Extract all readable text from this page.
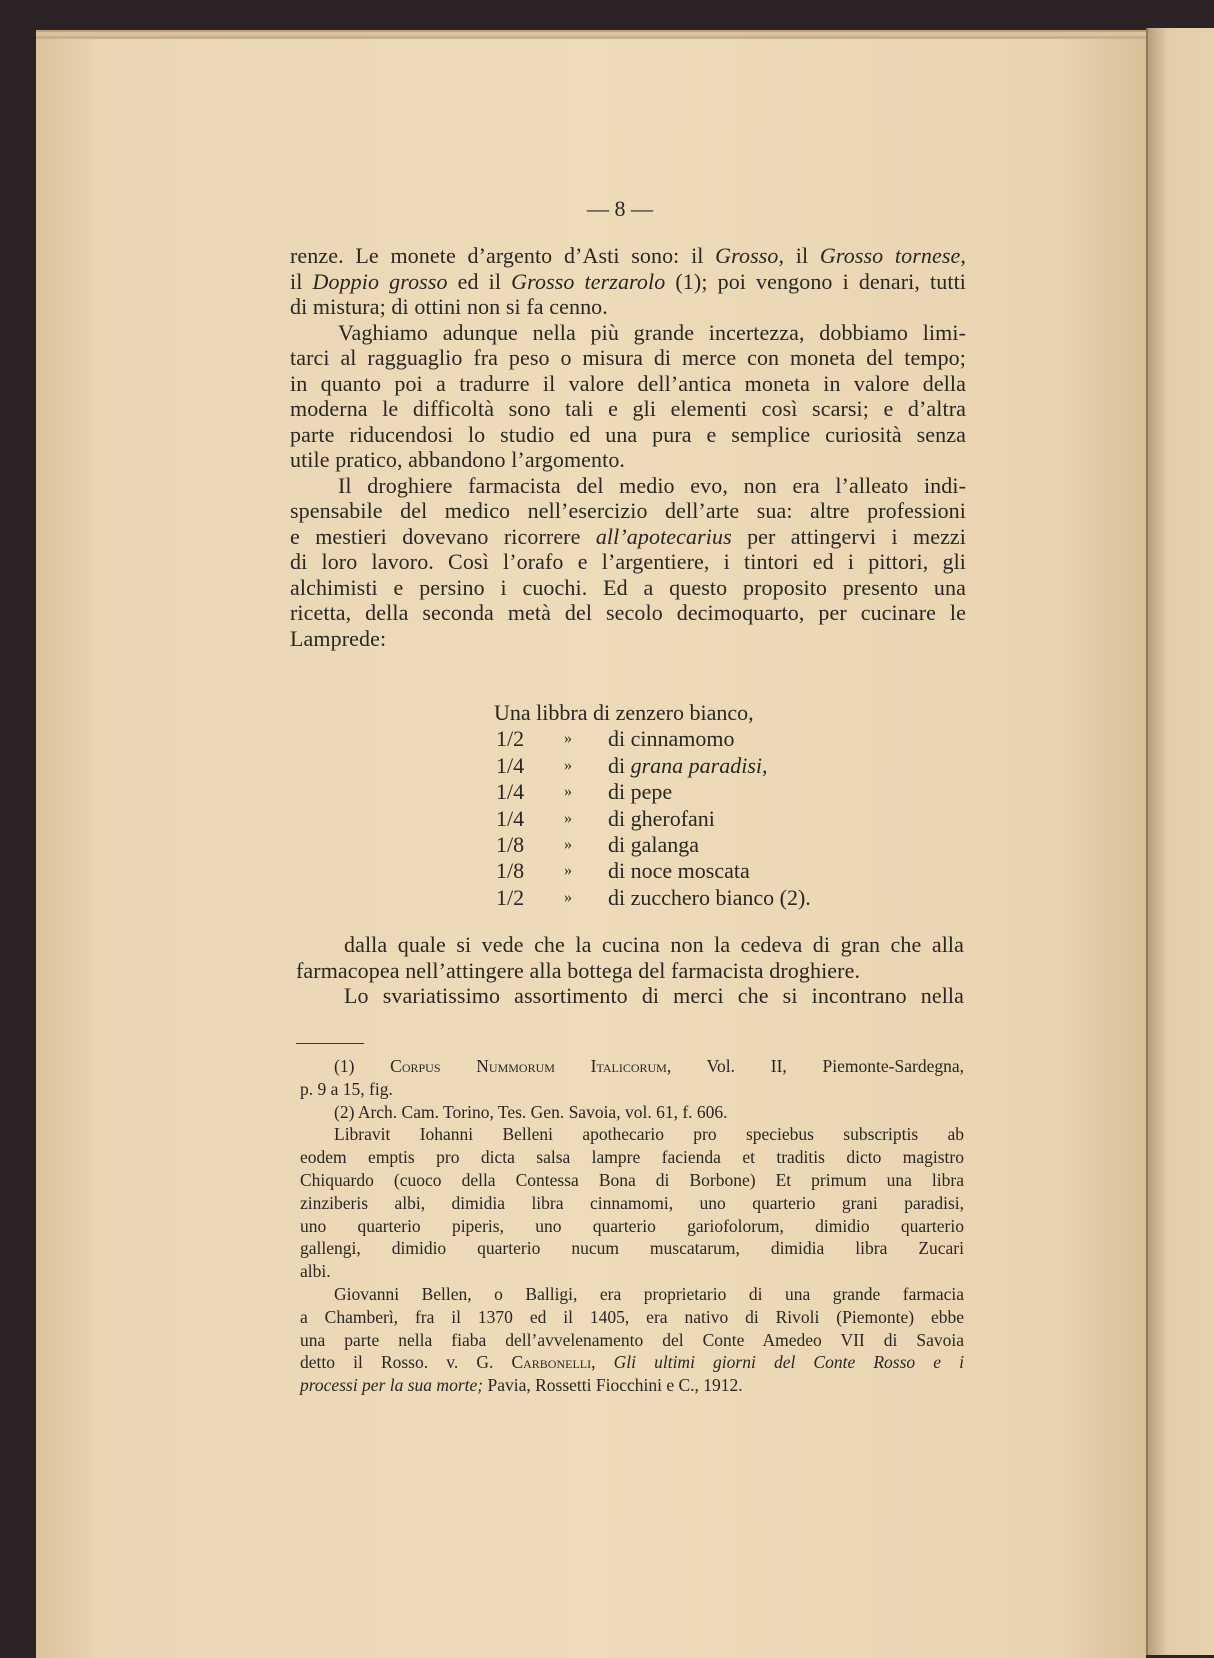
— 8 —
renze. Le monete d’argento d’Asti sono: il Grosso, il Grosso tornese,
il Doppio grosso ed il Grosso terzarolo (1); poi vengono i denari, tutti
di mistura; di ottini non si fa cenno.
Vaghiamo adunque nella più grande incertezza, dobbiamo limi-
tarci al ragguaglio fra peso o misura di merce con moneta del tempo;
in quanto poi a tradurre il valore dell’antica moneta in valore della
moderna le difficoltà sono tali e gli elementi così scarsi; e d’altra
parte riducendosi lo studio ed una pura e semplice curiosità senza
utile pratico, abbandono l’argomento.
Il droghiere farmacista del medio evo, non era l’alleato indi-
spensabile del medico nell’esercizio dell’arte sua: altre professioni
e mestieri dovevano ricorrere all’apotecarius per attingervi i mezzi
di loro lavoro. Così l’orafo e l’argentiere, i tintori ed i pittori, gli
alchimisti e persino i cuochi. Ed a questo proposito presento una
ricetta, della seconda metà del secolo decimoquarto, per cucinare le
Lamprede:
Una libbra di zenzero bianco,
1/2 » di cinnamomo
1/4 » di grana paradisi,
1/4 » di pepe
1/4 » di gherofani
1/8 » di galanga
1/8 » di noce moscata
1/2 » di zucchero bianco (2).
dalla quale si vede che la cucina non la cedeva di gran che alla
farmacopea nell’attingere alla bottega del farmacista droghiere.
Lo svariatissimo assortimento di merci che si incontrano nella
(1) Corpus Nummorum Italicorum, Vol. II, Piemonte-Sardegna,
p. 9 a 15, fig.
(2) Arch. Cam. Torino, Tes. Gen. Savoia, vol. 61, f. 606.
Libravit Iohanni Belleni apothecario pro speciebus subscriptis ab
eodem emptis pro dicta salsa lampre facienda et traditis dicto magistro
Chiquardo (cuoco della Contessa Bona di Borbone) Et primum una libra
zinziberis albi, dimidia libra cinnamomi, uno quarterio grani paradisi,
uno quarterio piperis, uno quarterio gariofolorum, dimidio quarterio
gallengi, dimidio quarterio nucum muscatarum, dimidia libra Zucari
albi.
Giovanni Bellen, o Balligi, era proprietario di una grande farmacia
a Chamberì, fra il 1370 ed il 1405, era nativo di Rivoli (Piemonte) ebbe
una parte nella fiaba dell’avvelenamento del Conte Amedeo VII di Savoia
detto il Rosso. v. G. Carbonelli, Gli ultimi giorni del Conte Rosso e i
processi per la sua morte; Pavia, Rossetti Fiocchini e C., 1912.
